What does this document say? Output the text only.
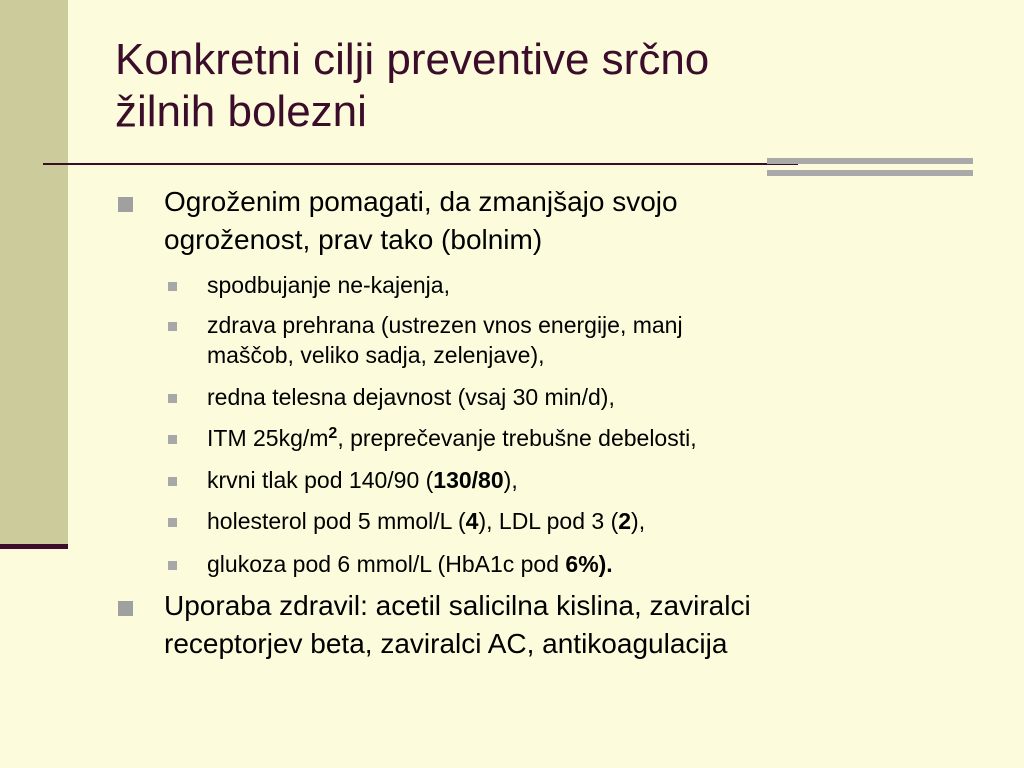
Konkretni cilji preventive srčno
žilnih bolezni
Ogroženim pomagati, da zmanjšajo svojo
ogroženost, prav tako (bolnim)
spodbujanje ne-kajenja,
zdrava prehrana (ustrezen vnos energije, manj
maščob, veliko sadja, zelenjave),
redna telesna dejavnost (vsaj 30 min/d),
ITM $25kg/m^2$, preprečevanje trebušne debelosti,
krvni tlak pod 140/90 (130/80),
holesterol pod 5 mmol/L (4), LDL pod 3 (2),
glukoza pod 6 mmol/L (HbA1c pod 6%).
Uporaba zdravil: acetil salicilna kislina, zaviralci
receptorjev beta, zaviralci AC, antikoagulacija
